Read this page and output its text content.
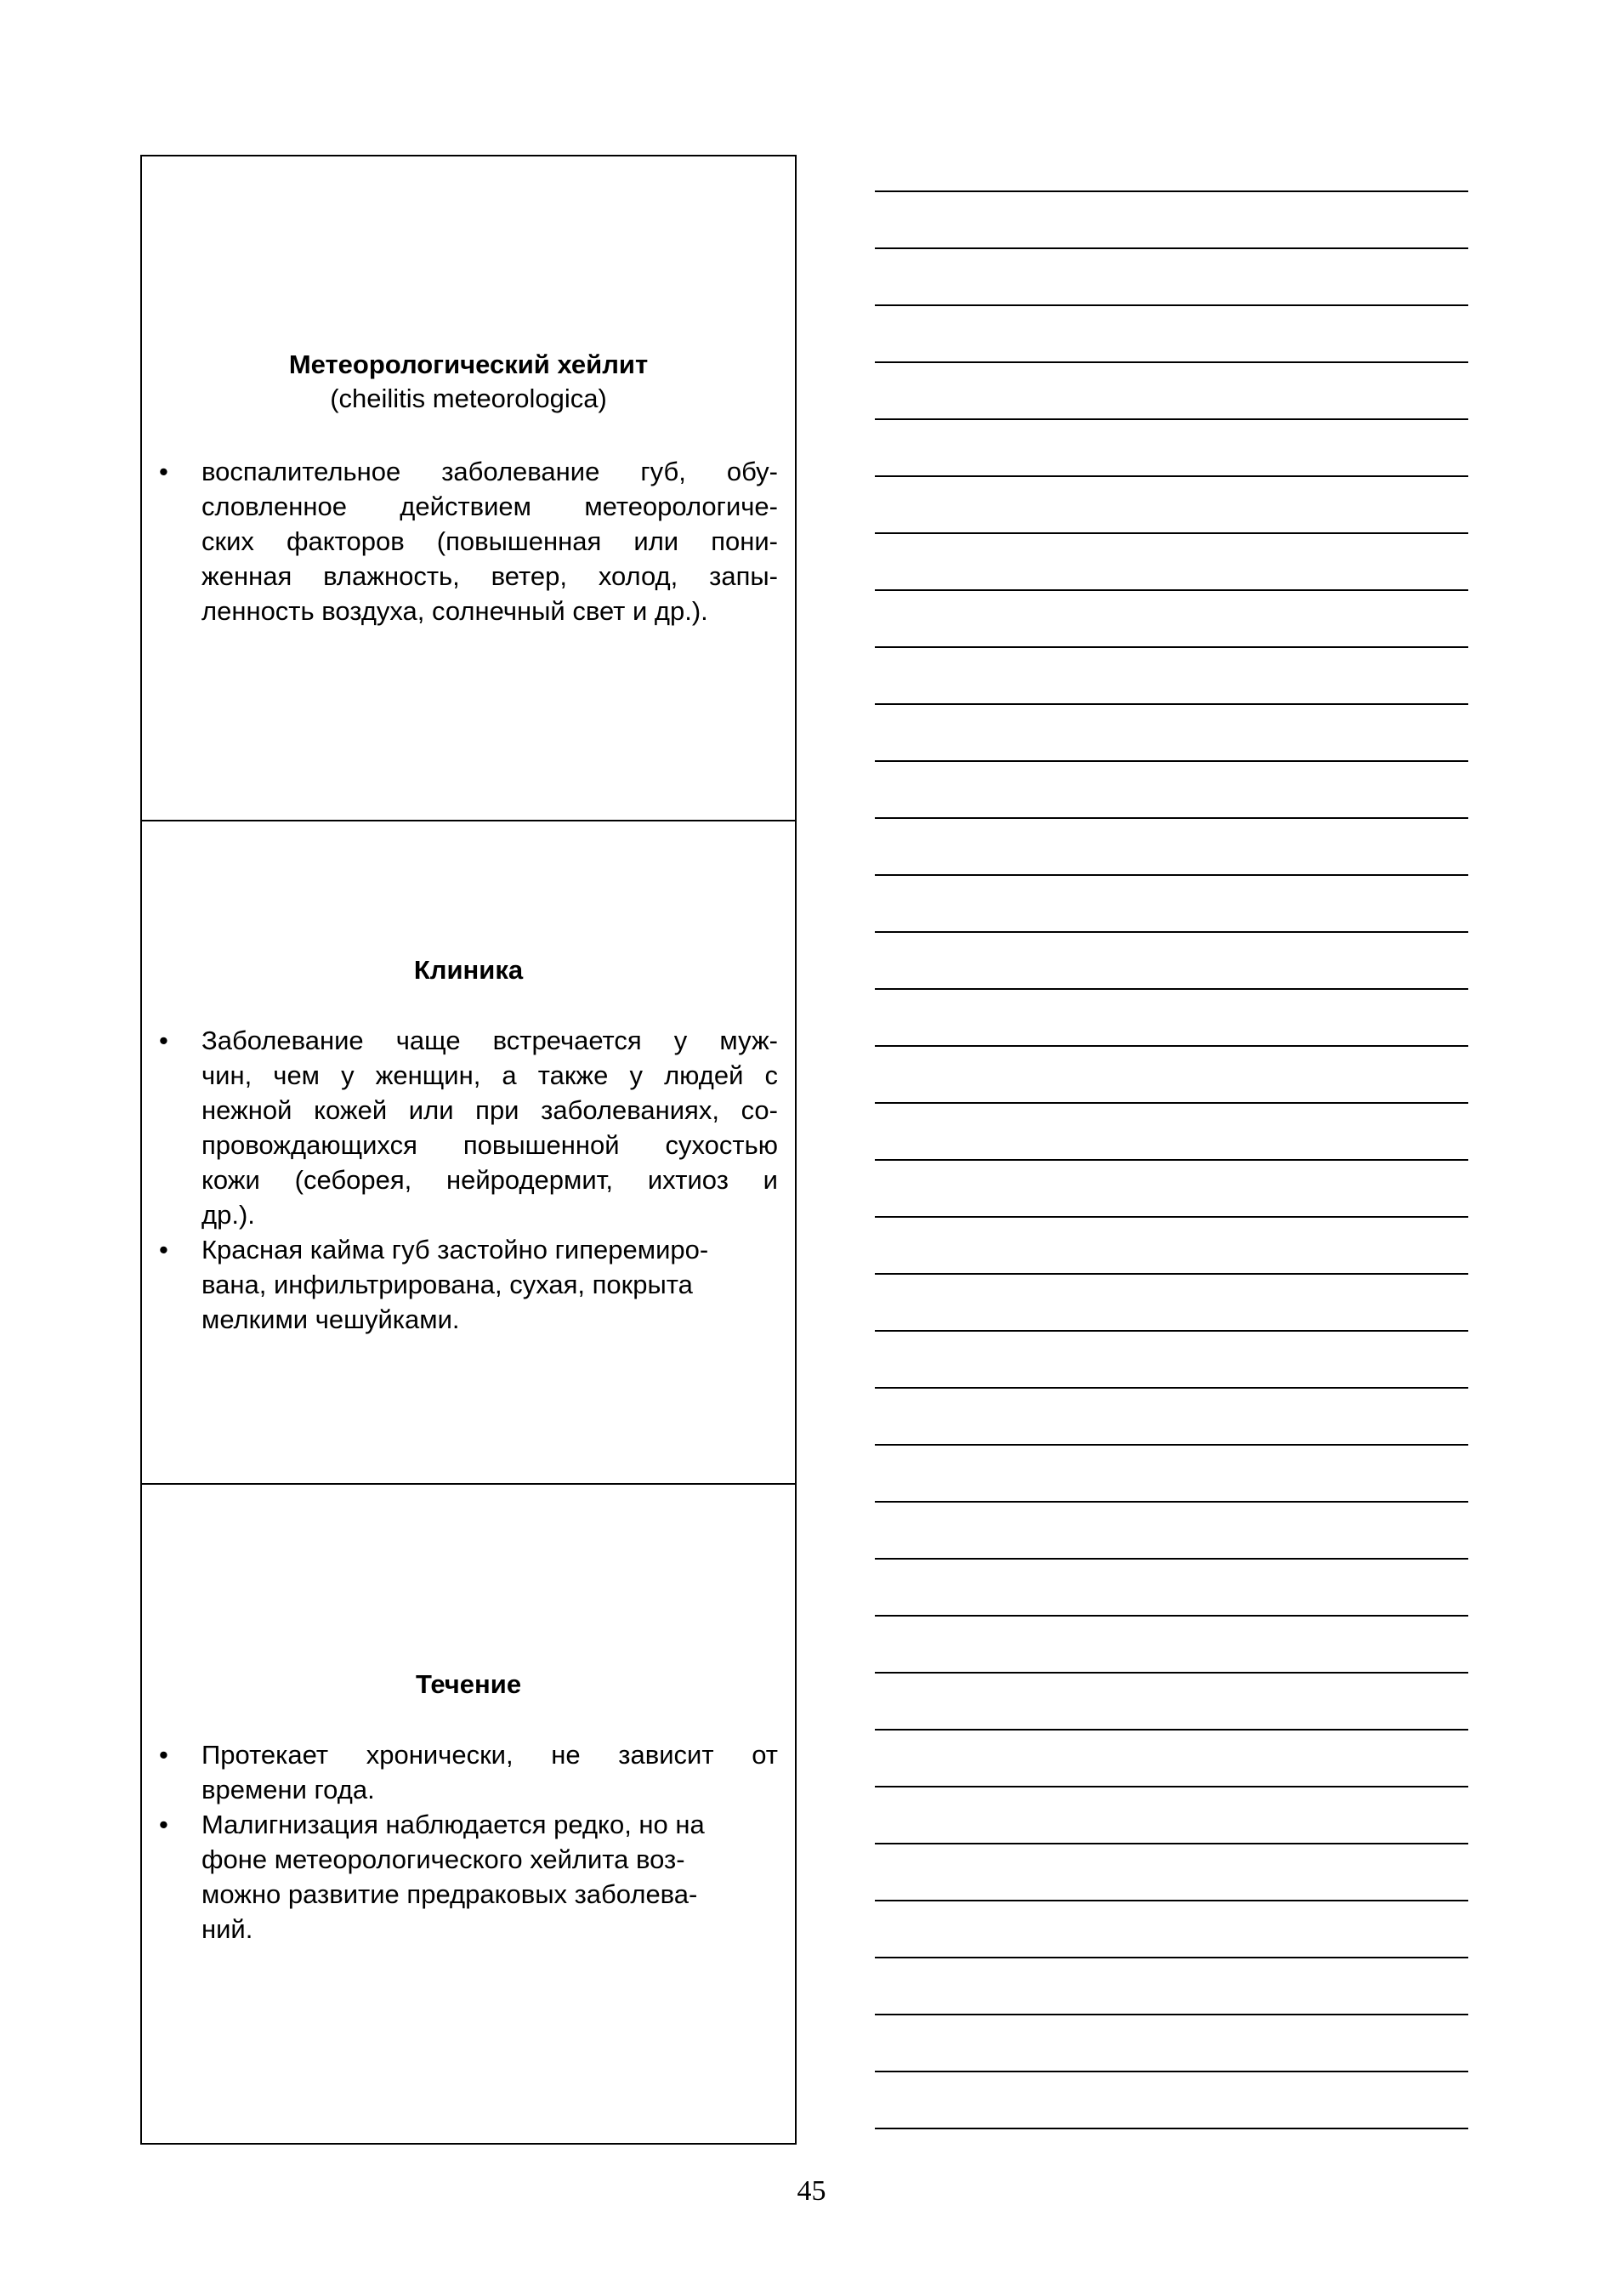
Метеорологический хейлит
(cheilitis meteorologica)
•	воспалительное заболевание губ, обу-
словленное действием метеорологиче-
ских факторов (повышенная или пони-
женная влажность, ветер, холод, запы-
ленность воздуха, солнечный свет и др.).
Клиника
•	Заболевание чаще встречается у муж-
чин, чем у женщин, а также у людей с
нежной кожей или при заболеваниях, со-
провождающихся повышенной сухостью
кожи (себорея, нейродермит, ихтиоз и
др.).
•	Красная кайма губ застойно гиперемиро-
вана, инфильтрирована, сухая, покрыта
мелкими чешуйками.
Течение
•	Протекает хронически, не зависит от
времени года.
•	Малигнизация наблюдается редко, но на
фоне метеорологического хейлита воз-
можно развитие предраковых заболева-
ний.
45
